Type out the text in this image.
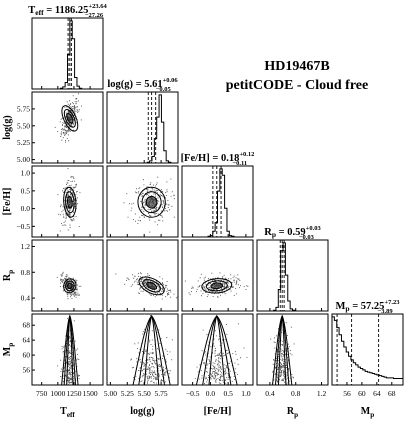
HD19467B
petitCODE - Cloud free
Teff = $1186.25^{+23.64} -27.26$
5.00
5.25
5.50
5.75
$\log(g) = 5.61^{+0.06} -0.05$
−0.5
0.0
0.5
1.0
$[Fe/H] = 0.18^{+0.12} -0.11$
0.4
0.8
1.2
$Rp = 0.59^{+0.03} -0.03$
750 1000 1250 1500
56
60
64
68
5.00 5.25 5.50 5.75 −0.5 0.0 0.5 1.0 0.4 0.8 1.2
$Mp = 57.25^{+7.23} -3.89$
56 60 64 68
$T_{eff}$	log(g)	[Fe/H]	$R_p$	$M_p$
log(g)
[Fe/H]
$R_p$
$M_p$
